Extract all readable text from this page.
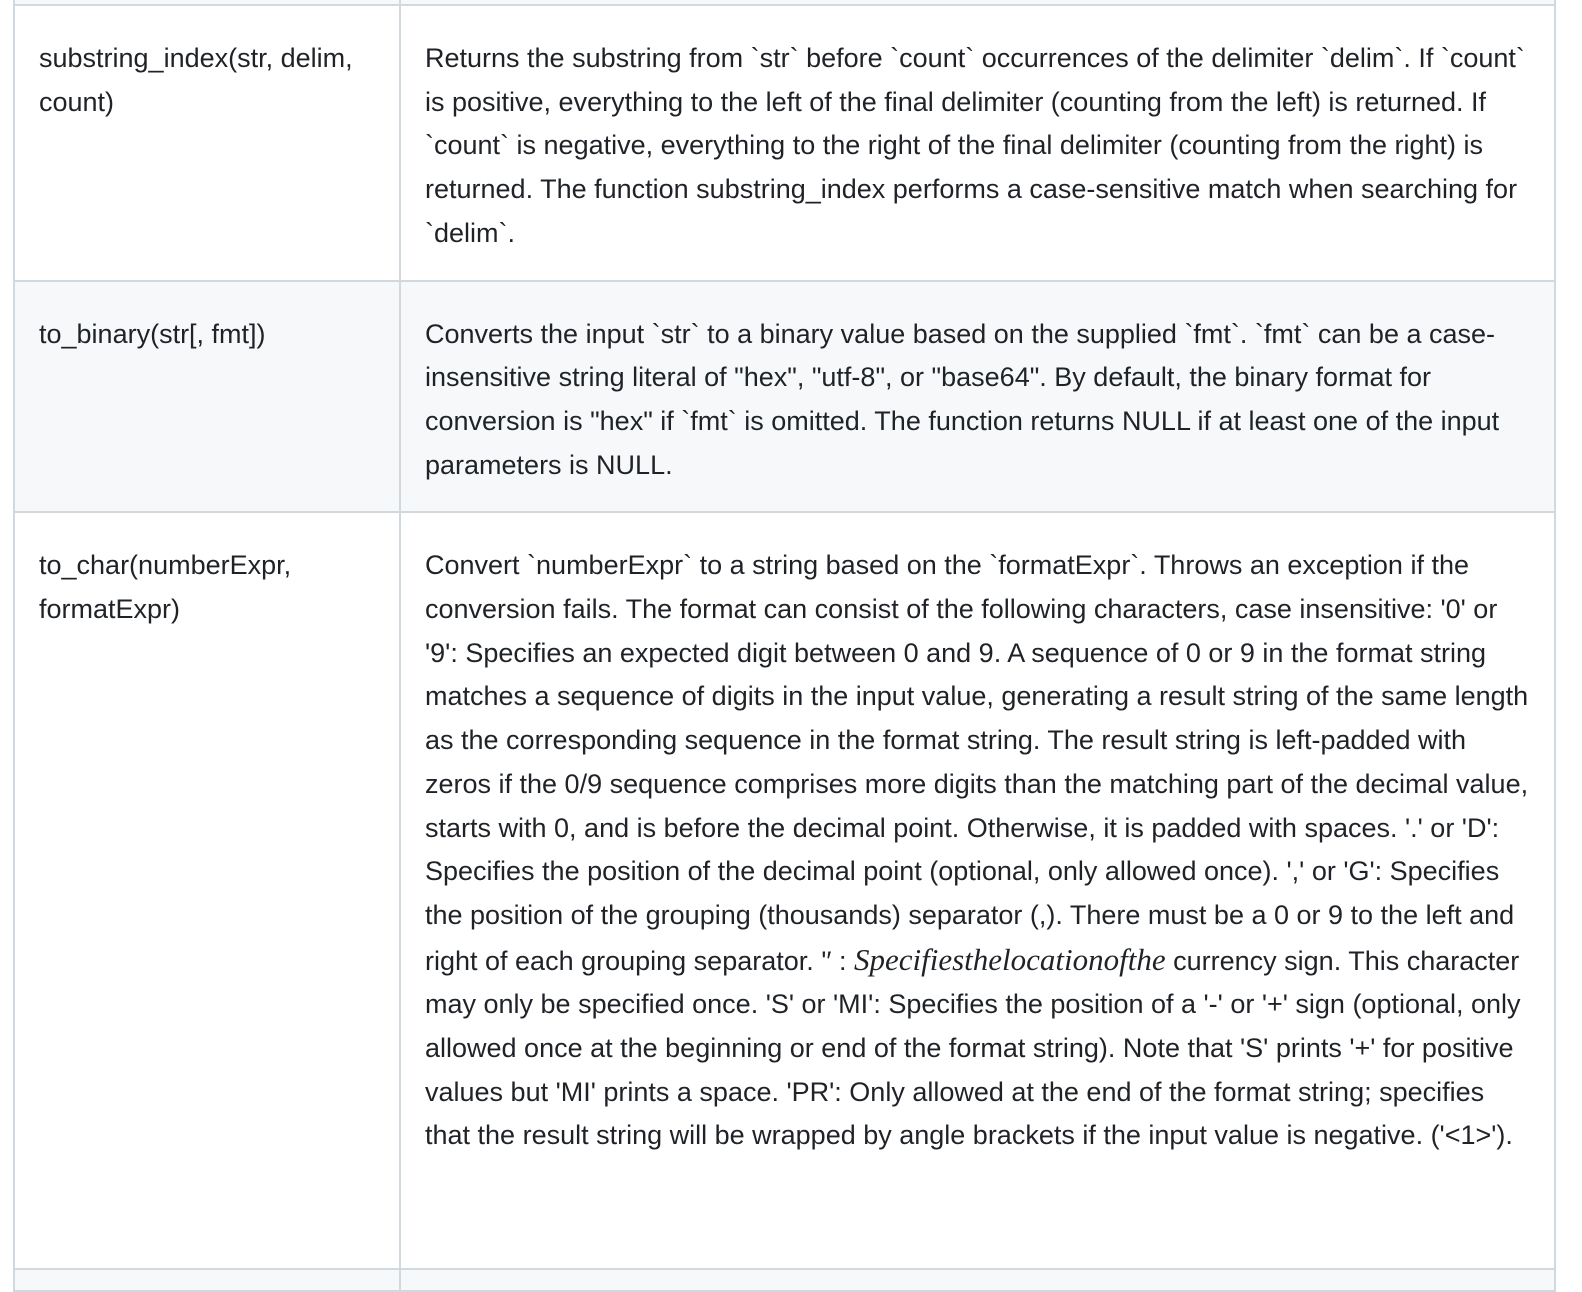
substring_index(str, delim, count)	Returns the substring from `str` before `count` occurrences of the delimiter `delim`. If `count` is positive, everything to the left of the final delimiter (counting from the left) is returned. If `count` is negative, everything to the right of the final delimiter (counting from the right) is returned. The function substring_index performs a case-sensitive match when searching for `delim`.

to_binary(str[, fmt])	Converts the input `str` to a binary value based on the supplied `fmt`. `fmt` can be a case-insensitive string literal of "hex", "utf-8", or "base64". By default, the binary format for conversion is "hex" if `fmt` is omitted. The function returns NULL if at least one of the input parameters is NULL.

to_char(numberExpr, formatExpr)	Convert `numberExpr` to a string based on the `formatExpr`. Throws an exception if the conversion fails. The format can consist of the following characters, case insensitive: '0' or '9': Specifies an expected digit between 0 and 9. A sequence of 0 or 9 in the format string matches a sequence of digits in the input value, generating a result string of the same length as the corresponding sequence in the format string. The result string is left-padded with zeros if the 0/9 sequence comprises more digits than the matching part of the decimal value, starts with 0, and is before the decimal point. Otherwise, it is padded with spaces. '.' or 'D': Specifies the position of the decimal point (optional, only allowed once). ',' or 'G': Specifies the position of the grouping (thousands) separator (,). There must be a 0 or 9 to the left and right of each grouping separator. '′ : Specifiesthelocationofthe currency sign. This character may only be specified once. 'S' or 'MI': Specifies the position of a '-' or '+' sign (optional, only allowed once at the beginning or end of the format string). Note that 'S' prints '+' for positive values but 'MI' prints a space. 'PR': Only allowed at the end of the format string; specifies that the result string will be wrapped by angle brackets if the input value is negative. ('<1>').
